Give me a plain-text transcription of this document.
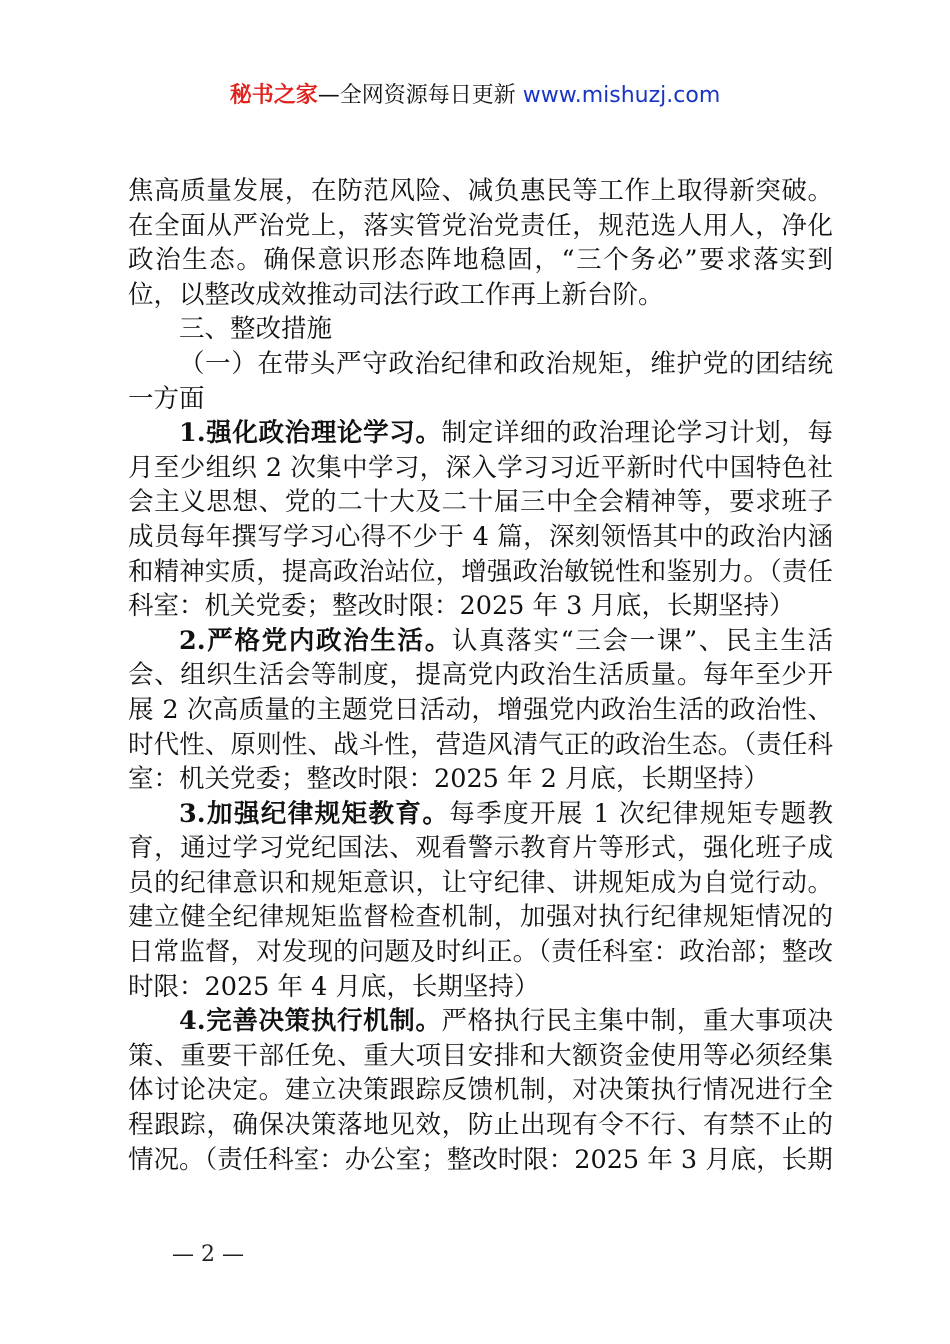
秘书之家—全网资源每日更新 www.mishuzj.com

焦高质量发展，在防范风险、减负惠民等工作上取得新突破。在全面从严治党上，落实管党治党责任，规范选人用人，净化政治生态。确保意识形态阵地稳固，“三个务必”要求落实到位，以整改成效推动司法行政工作再上新台阶。

三、整改措施

（一）在带头严守政治纪律和政治规矩，维护党的团结统一方面

1.强化政治理论学习。制定详细的政治理论学习计划，每月至少组织 2 次集中学习，深入学习习近平新时代中国特色社会主义思想、党的二十大及二十届三中全会精神等，要求班子成员每年撰写学习心得不少于 4 篇，深刻领悟其中的政治内涵和精神实质，提高政治站位，增强政治敏锐性和鉴别力。（责任科室：机关党委；整改时限：2025 年 3 月底，长期坚持）

2.严格党内政治生活。认真落实“三会一课”、民主生活会、组织生活会等制度，提高党内政治生活质量。每年至少开展 2 次高质量的主题党日活动，增强党内政治生活的政治性、时代性、原则性、战斗性，营造风清气正的政治生态。（责任科室：机关党委；整改时限：2025 年 2 月底，长期坚持）

3.加强纪律规矩教育。每季度开展 1 次纪律规矩专题教育，通过学习党纪国法、观看警示教育片等形式，强化班子成员的纪律意识和规矩意识，让守纪律、讲规矩成为自觉行动。建立健全纪律规矩监督检查机制，加强对执行纪律规矩情况的日常监督，对发现的问题及时纠正。（责任科室：政治部；整改时限：2025 年 4 月底，长期坚持）

4.完善决策执行机制。严格执行民主集中制，重大事项决策、重要干部任免、重大项目安排和大额资金使用等必须经集体讨论决定。建立决策跟踪反馈机制，对决策执行情况进行全程跟踪，确保决策落地见效，防止出现有令不行、有禁不止的情况。（责任科室：办公室；整改时限：2025 年 3 月底，长期

— 2 —
